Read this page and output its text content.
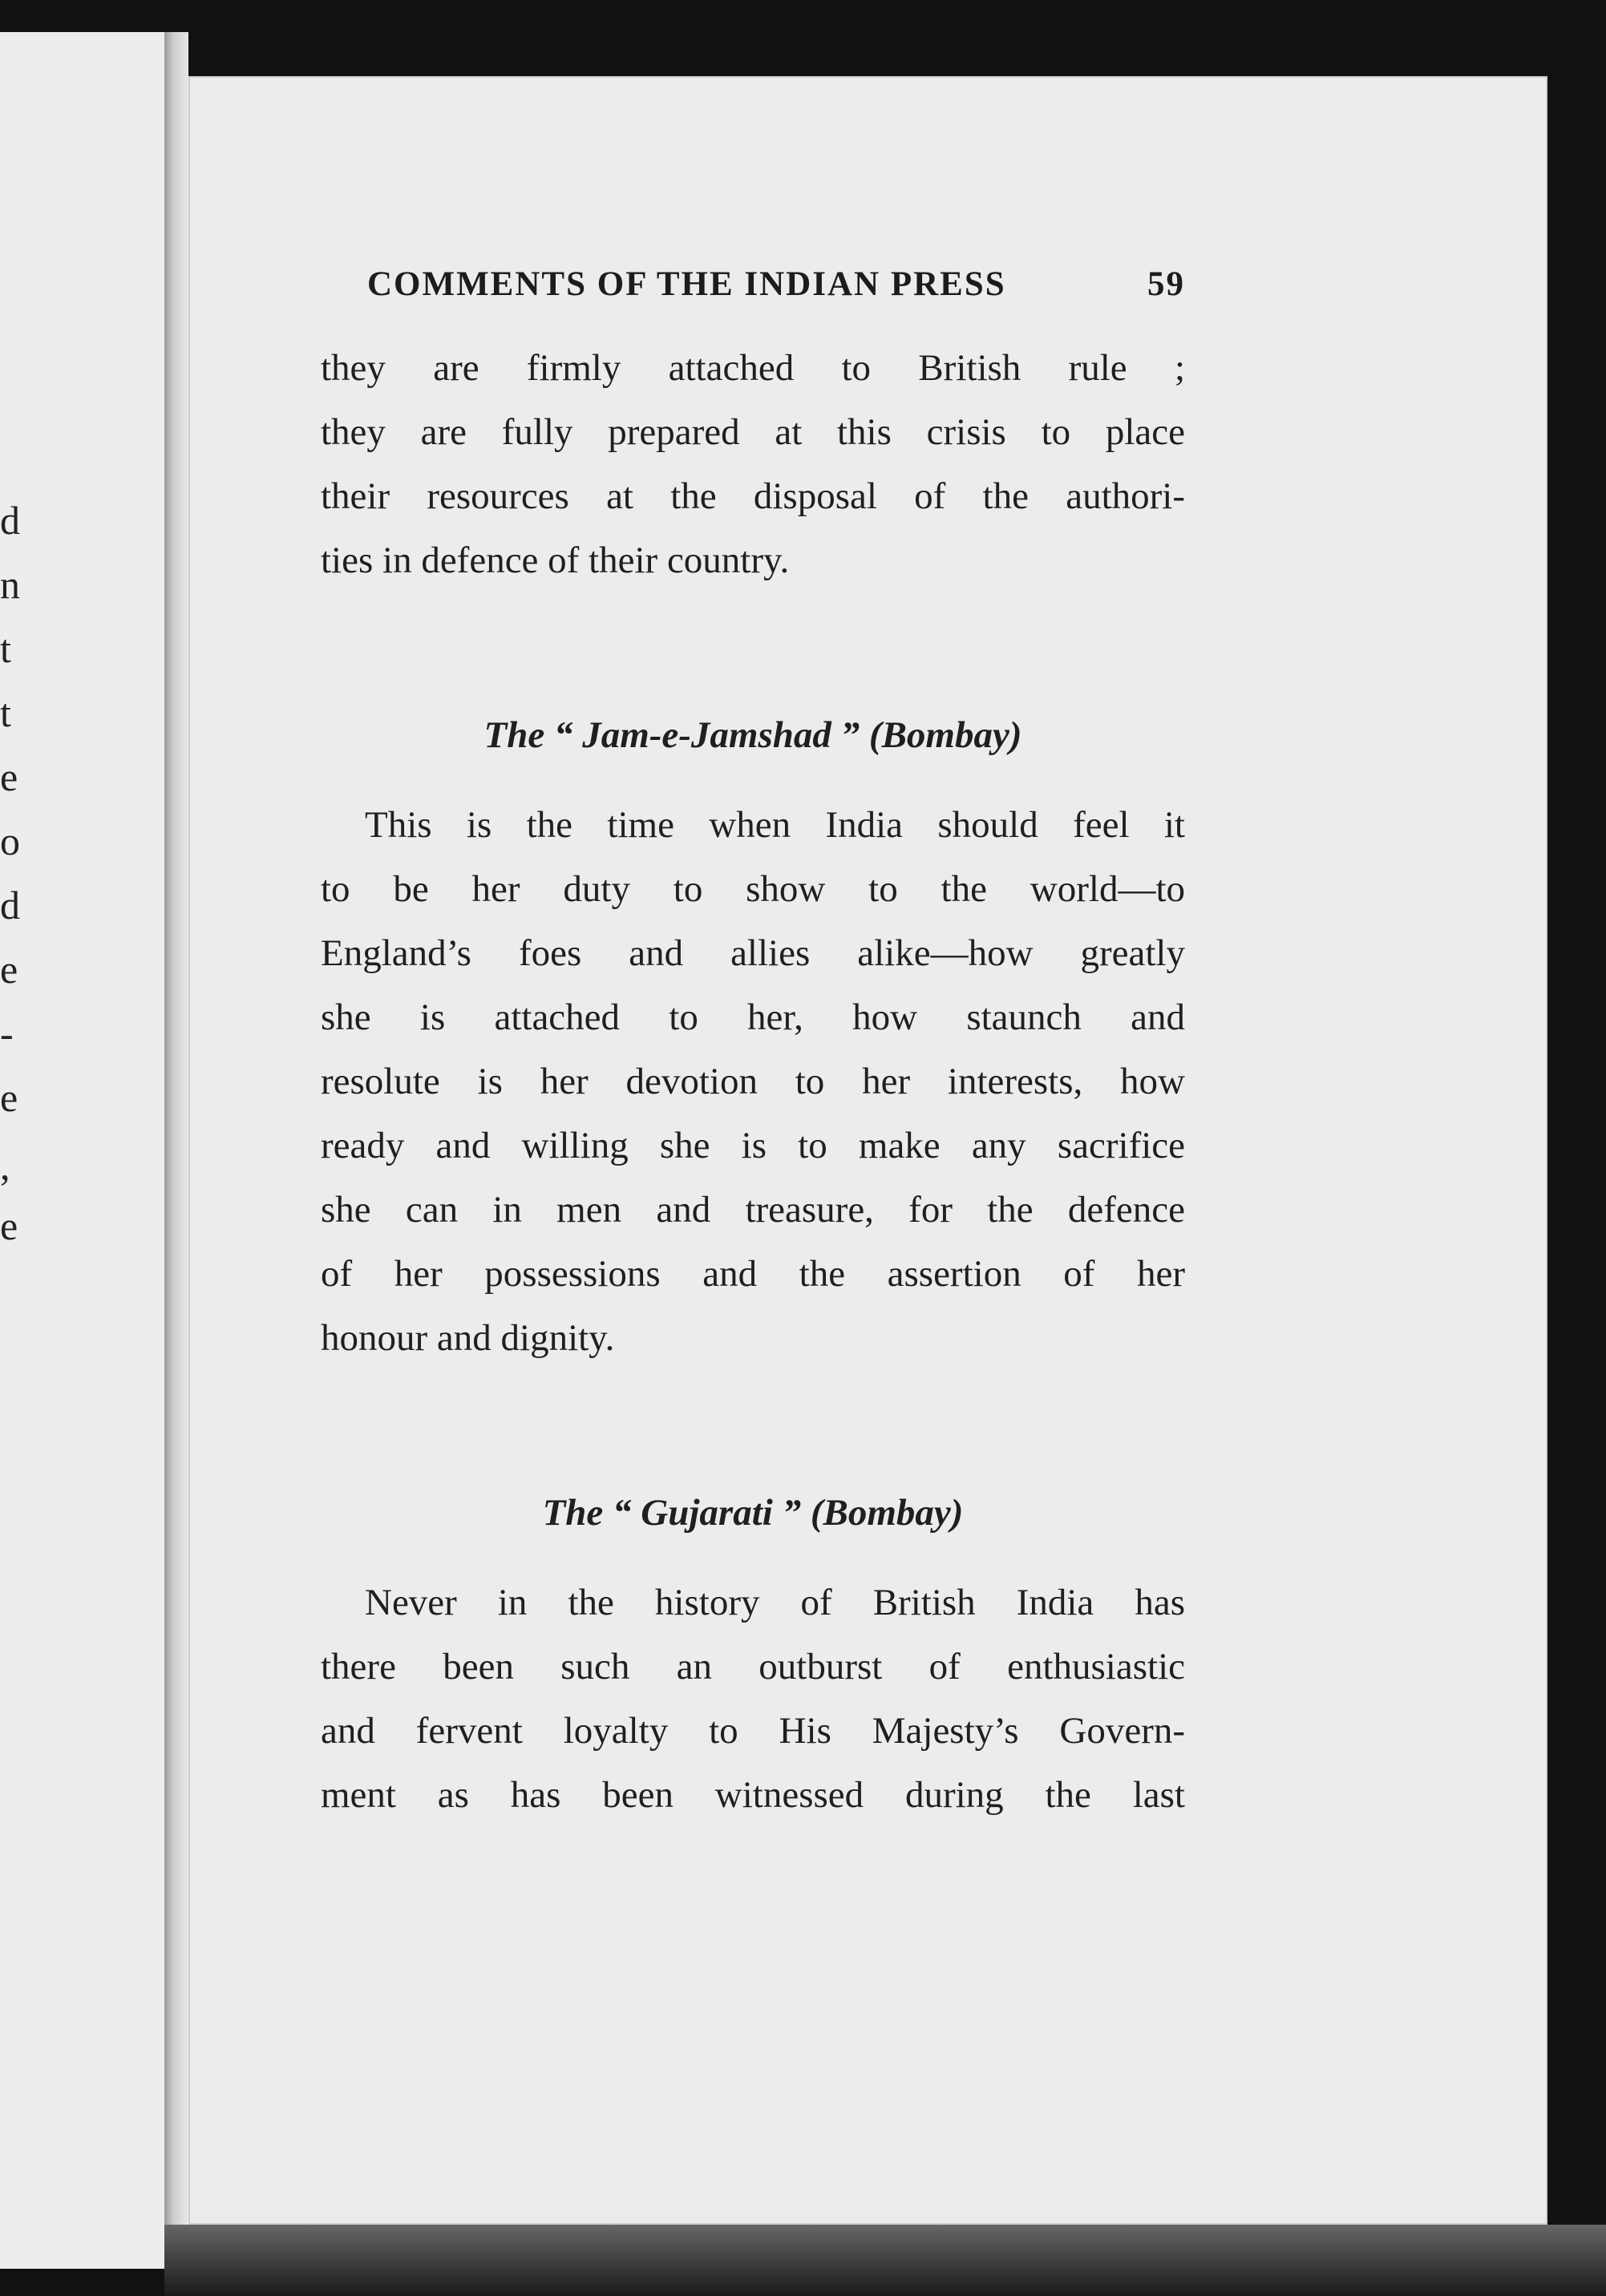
d
n
t
t
e
o
d
e
-
e
,
e
COMMENTS OF THE INDIAN PRESS	59
they are firmly attached to British rule ;
they are fully prepared at this crisis to place
their resources at the disposal of the authori-
ties in defence of their country.
The “ Jam-e-Jamshad ” (Bombay)
This is the time when India should feel it
to be her duty to show to the world—to
England’s foes and allies alike—how greatly
she is attached to her, how staunch and
resolute is her devotion to her interests, how
ready and willing she is to make any sacrifice
she can in men and treasure, for the defence
of her possessions and the assertion of her
honour and dignity.
The “ Gujarati ” (Bombay)
Never in the history of British India has
there been such an outburst of enthusiastic
and fervent loyalty to His Majesty’s Govern-
ment as has been witnessed during the last
